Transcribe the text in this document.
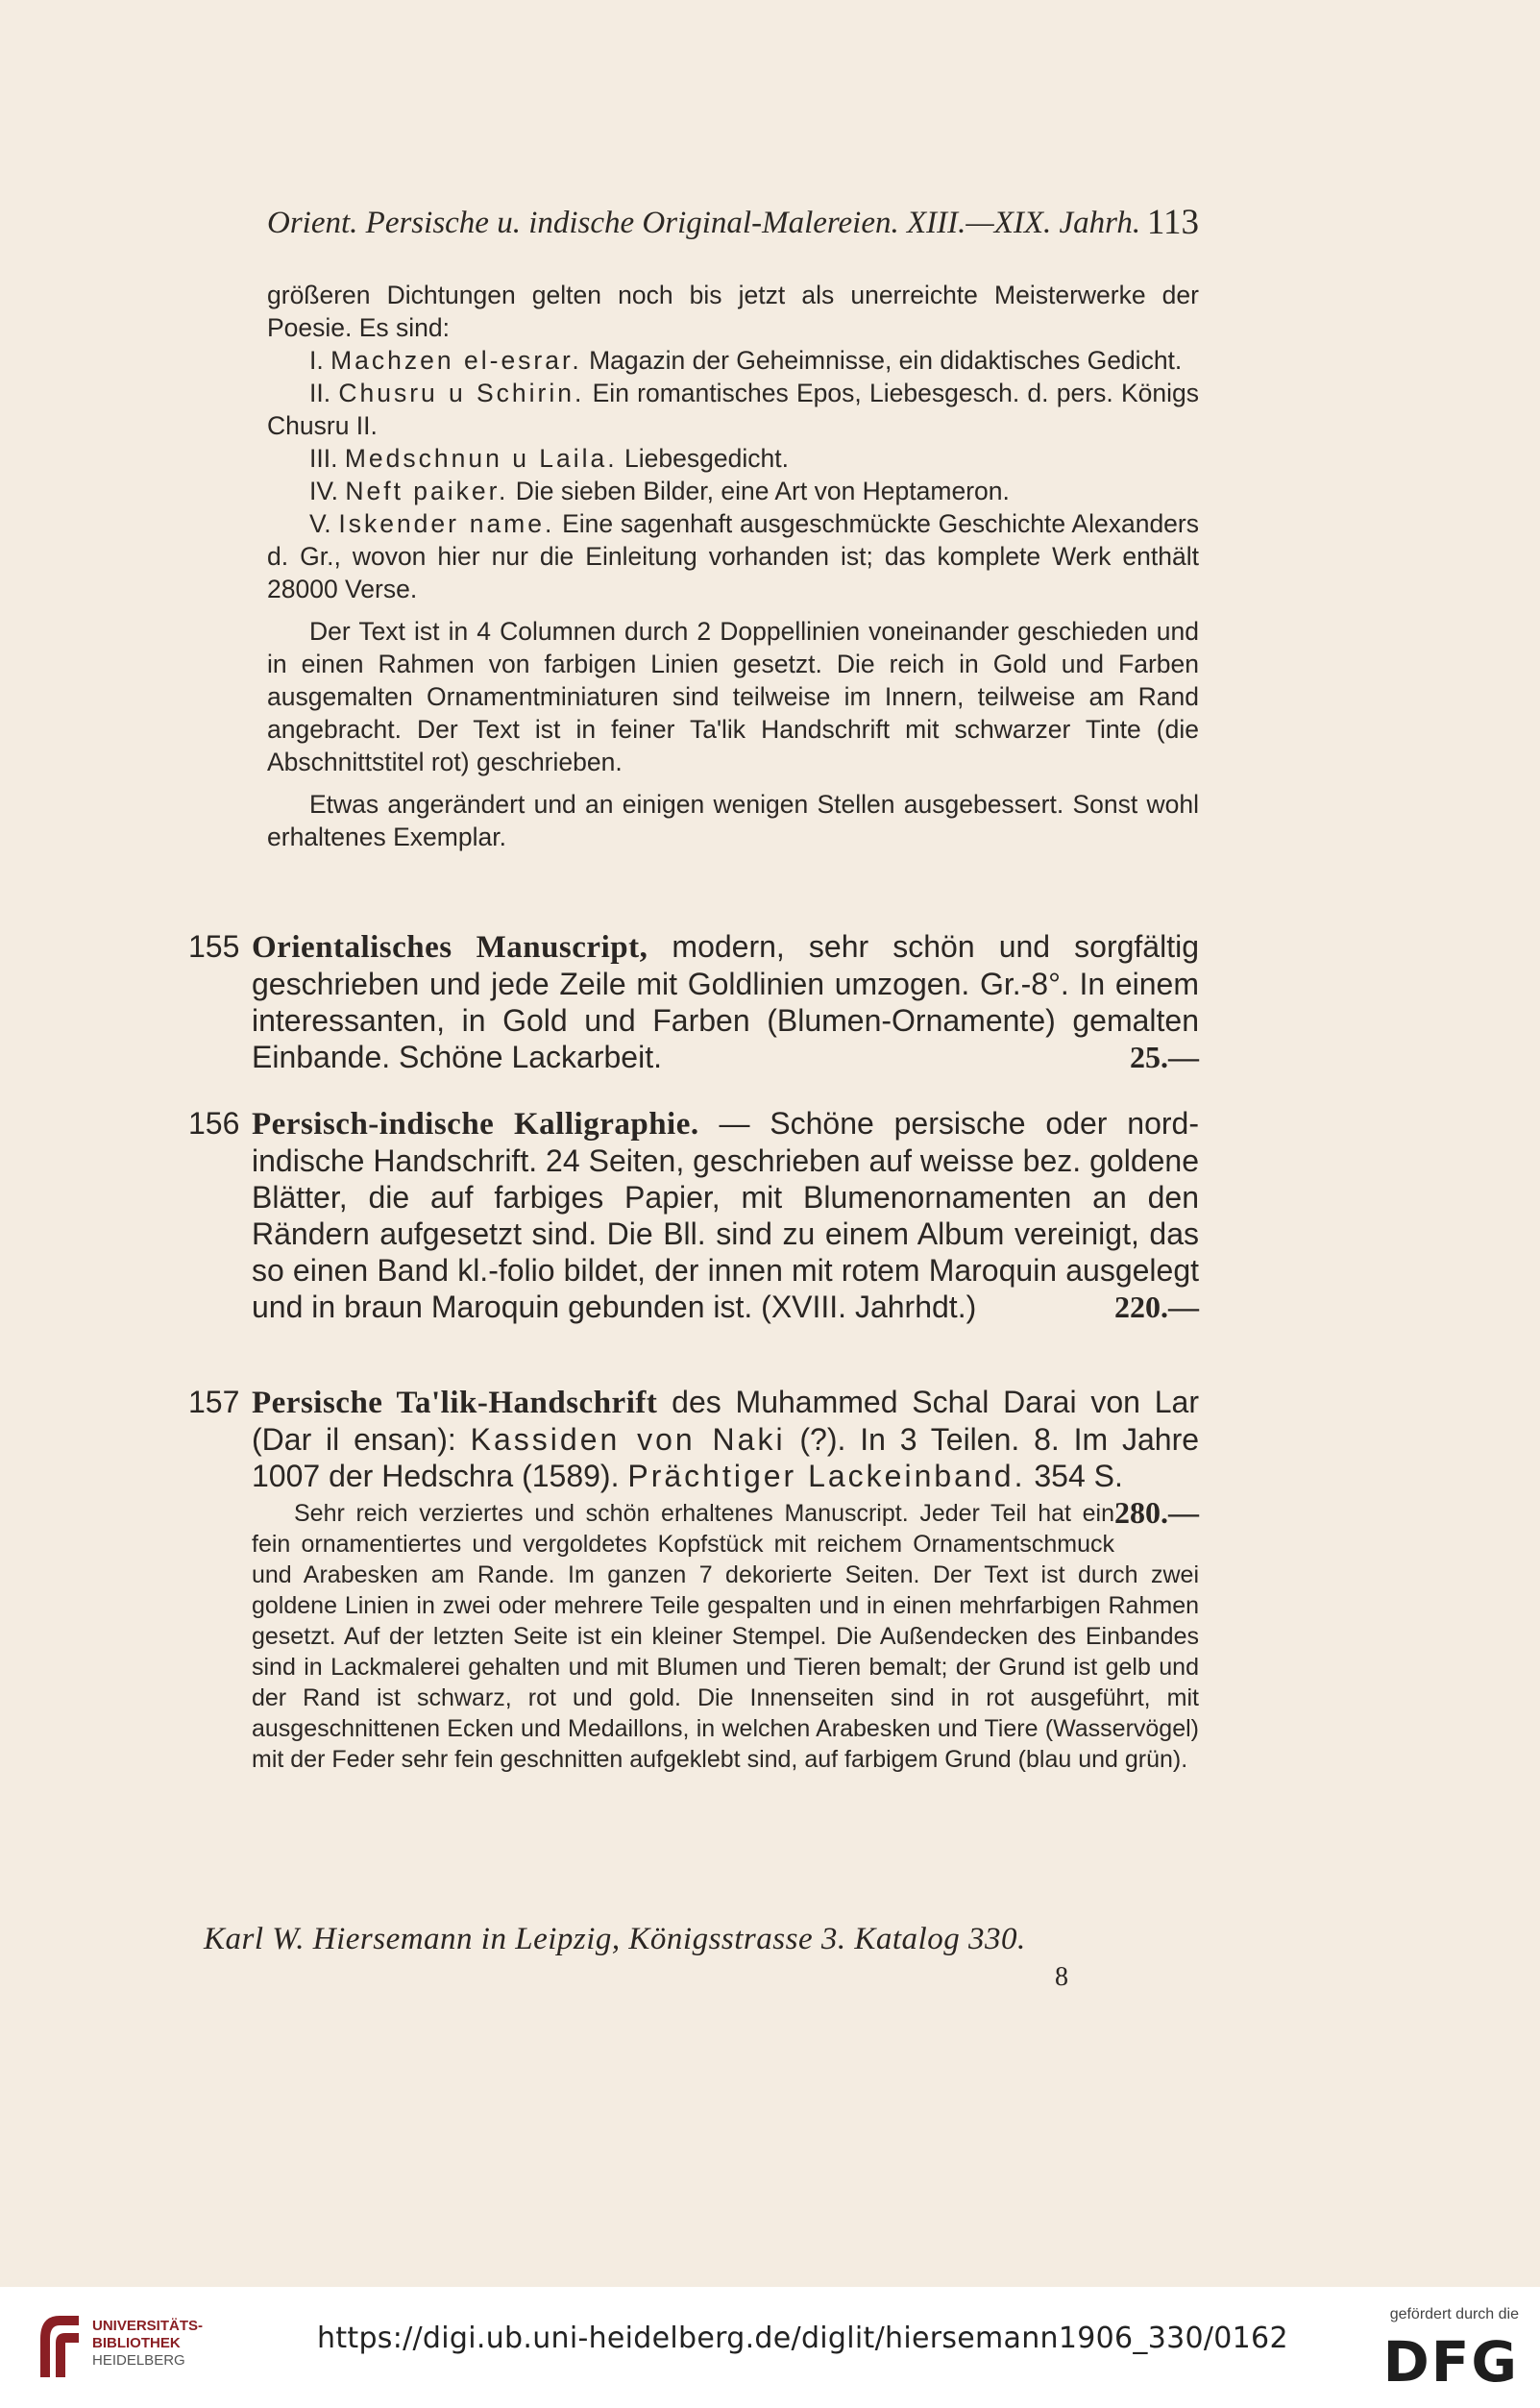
Orient. Persische u. indische Original-Malereien. XIII.—XIX. Jahrh. 113

größeren Dichtungen gelten noch bis jetzt als unerreichte Meisterwerke der Poesie. Es sind:

I. Machzen el-esrar. Magazin der Geheimnisse, ein didaktisches Gedicht.

II. Chusru u Schirin. Ein romantisches Epos, Liebesgesch. d. pers. Königs Chusru II.

III. Medschnun u Laila. Liebesgedicht.

IV. Neft paiker. Die sieben Bilder, eine Art von Heptameron.

V. Iskender name. Eine sagenhaft ausgeschmückte Geschichte Alexanders d. Gr., wovon hier nur die Einleitung vorhanden ist; das komplete Werk enthält 28000 Verse.

Der Text ist in 4 Columnen durch 2 Doppellinien voneinander geschieden und in einen Rahmen von farbigen Linien gesetzt. Die reich in Gold und Farben ausgemalten Ornamentminiaturen sind teilweise im Innern, teilweise am Rand angebracht. Der Text ist in feiner Ta'lik Handschrift mit schwarzer Tinte (die Abschnittstitel rot) geschrieben.

Etwas angerändert und an einigen wenigen Stellen ausgebessert. Sonst wohl erhaltenes Exemplar.

155 Orientalisches Manuscript, modern, sehr schön und sorgfältig geschrieben und jede Zeile mit Goldlinien umzogen. Gr.-8°. In einem interessanten, in Gold und Farben (Blumen-Ornamente) gemalten Einbande. Schöne Lackarbeit.	25.—
156 Persisch-indische Kalligraphie. — Schöne persische oder nord-indische Handschrift. 24 Seiten, geschrieben auf weisse bez. goldene Blätter, die auf farbiges Papier, mit Blumenornamenten an den Rändern aufgesetzt sind. Die Bll. sind zu einem Album vereinigt, das so einen Band kl.-folio bildet, der innen mit rotem Maroquin ausgelegt und in braun Maroquin gebunden ist. (XVIII. Jahrhdt.)	220.—
157 Persische Ta'lik-Handschrift des Muhammed Schal Darai von Lar (Dar il ensan): Kassiden von Naki (?). In 3 Teilen. 8. Im Jahre 1007 der Hedschra (1589). Prächtiger Lackeinband. 354 S.
280.—
Sehr reich verziertes und schön erhaltenes Manuscript. Jeder Teil hat ein fein ornamentiertes und vergoldetes Kopfstück mit reichem Ornamentschmuck und Arabesken am Rande. Im ganzen 7 dekorierte Seiten. Der Text ist durch zwei goldene Linien in zwei oder mehrere Teile gespalten und in einen mehrfarbigen Rahmen gesetzt. Auf der letzten Seite ist ein kleiner Stempel. Die Außendecken des Einbandes sind in Lackmalerei gehalten und mit Blumen und Tieren bemalt; der Grund ist gelb und der Rand ist schwarz, rot und gold. Die Innenseiten sind in rot ausgeführt, mit ausgeschnittenen Ecken und Medaillons, in welchen Arabesken und Tiere (Wasservögel) mit der Feder sehr fein geschnitten aufgeklebt sind, auf farbigem Grund (blau und grün).
Karl W. Hiersemann in Leipzig, Königsstrasse 3. Katalog 330.
8
UNIVERSITÄTS-
BIBLIOTHEK
HEIDELBERG
https://digi.ub.uni-heidelberg.de/diglit/hiersemann1906_330/0162
gefördert durch die
DFG
